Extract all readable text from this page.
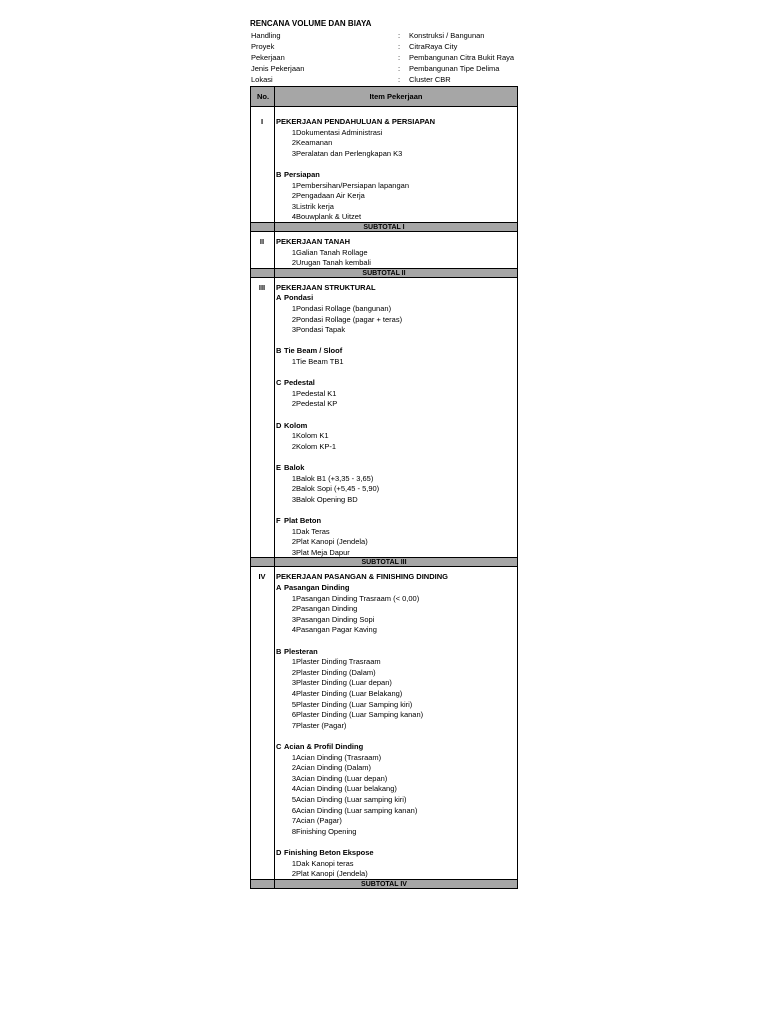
RENCANA VOLUME DAN BIAYA
Handling	: Konstruksi / Bangunan
Proyek	: CitraRaya City
Pekerjaan	: Pembangunan Citra Bukit Raya
Jenis Pekerjaan	: Pembangunan Tipe Delima
Lokasi	: Cluster CBR
No.	Item Pekerjaan
I	PEKERJAAN PENDAHULUAN & PERSIAPAN
1 Dokumentasi Administrasi
2 Keamanan
3 Peralatan dan Perlengkapan K3
B Persiapan
1 Pembersihan/Persiapan lapangan
2 Pengadaan Air Kerja
3 Listrik kerja
4 Bouwplank & Uitzet
SUBTOTAL I
II	PEKERJAAN TANAH
1 Galian Tanah Rollage
2 Urugan Tanah kembali
SUBTOTAL II
III	PEKERJAAN STRUKTURAL
A Pondasi
1 Pondasi Rollage (bangunan)
2 Pondasi Rollage (pagar + teras)
3 Pondasi Tapak
B Tie Beam / Sloof
1 Tie Beam TB1
C Pedestal
1 Pedestal K1
2 Pedestal KP
D Kolom
1 Kolom K1
2 Kolom KP-1
E Balok
1 Balok B1 (+3,35 - 3,65)
2 Balok Sopi (+5,45 - 5,90)
3 Balok Opening BD
F Plat Beton
1 Dak Teras
2 Plat Kanopi (Jendela)
3 Plat Meja Dapur
SUBTOTAL III
IV	PEKERJAAN PASANGAN & FINISHING DINDING
A Pasangan Dinding
1 Pasangan Dinding Trasraam (< 0,00)
2 Pasangan Dinding
3 Pasangan Dinding Sopi
4 Pasangan Pagar Kaving
B Plesteran
1 Plaster Dinding Trasraam
2 Plaster Dinding (Dalam)
3 Plaster Dinding (Luar depan)
4 Plaster Dinding (Luar Belakang)
5 Plaster Dinding (Luar Samping kiri)
6 Plaster Dinding (Luar Samping kanan)
7 Plaster (Pagar)
C Acian & Profil Dinding
1 Acian Dinding (Trasraam)
2 Acian Dinding (Dalam)
3 Acian Dinding (Luar depan)
4 Acian Dinding (Luar belakang)
5 Acian Dinding (Luar samping kiri)
6 Acian Dinding (Luar samping kanan)
7 Acian (Pagar)
8 Finishing Opening
D Finishing Beton Ekspose
1 Dak Kanopi teras
2 Plat Kanopi (Jendela)
SUBTOTAL IV
